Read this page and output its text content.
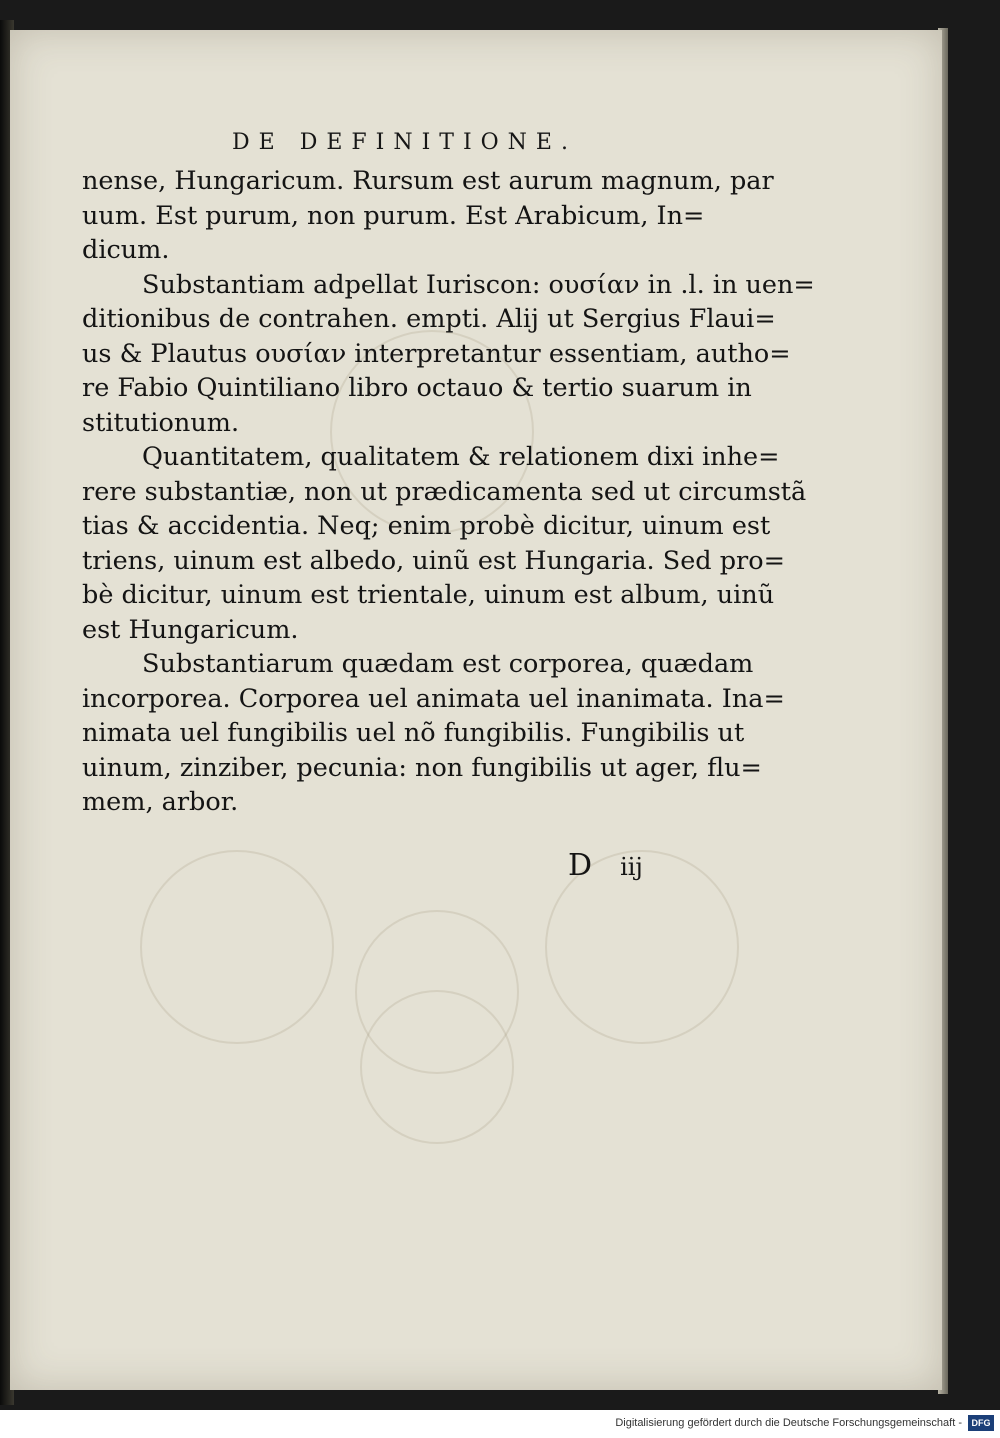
DE DEFINITIONE.
nense, Hungaricum. Rursum est aurum magnum, par
uum. Est purum, non purum. Est Arabicum, In=
dicum.
Substantiam adpellat Iuriscon: ουσίαν in .l. in uen=
ditionibus de contrahen. empti. Alij ut Sergius Flaui=
us & Plautus ουσίαν interpretantur essentiam, autho=
re Fabio Quintiliano libro octauo & tertio suarum in
stitutionum.
Quantitatem, qualitatem & relationem dixi inhe=
rere substantiæ, non ut prædicamenta sed ut circumstã
tias & accidentia. Neq; enim probè dicitur, uinum est
triens, uinum est albedo, uinũ est Hungaria. Sed pro=
bè dicitur, uinum est trientale, uinum est album, uinũ
est Hungaricum.
Substantiarum quædam est corporea, quædam
incorporea. Corporea uel animata uel inanimata. Ina=
nimata uel fungibilis uel nõ fungibilis. Fungibilis ut
uinum, zinziber, pecunia: non fungibilis ut ager, flu=
mem, arbor.
D iij
Digitalisierung gefördert durch die Deutsche Forschungsgemeinschaft -	DFG
